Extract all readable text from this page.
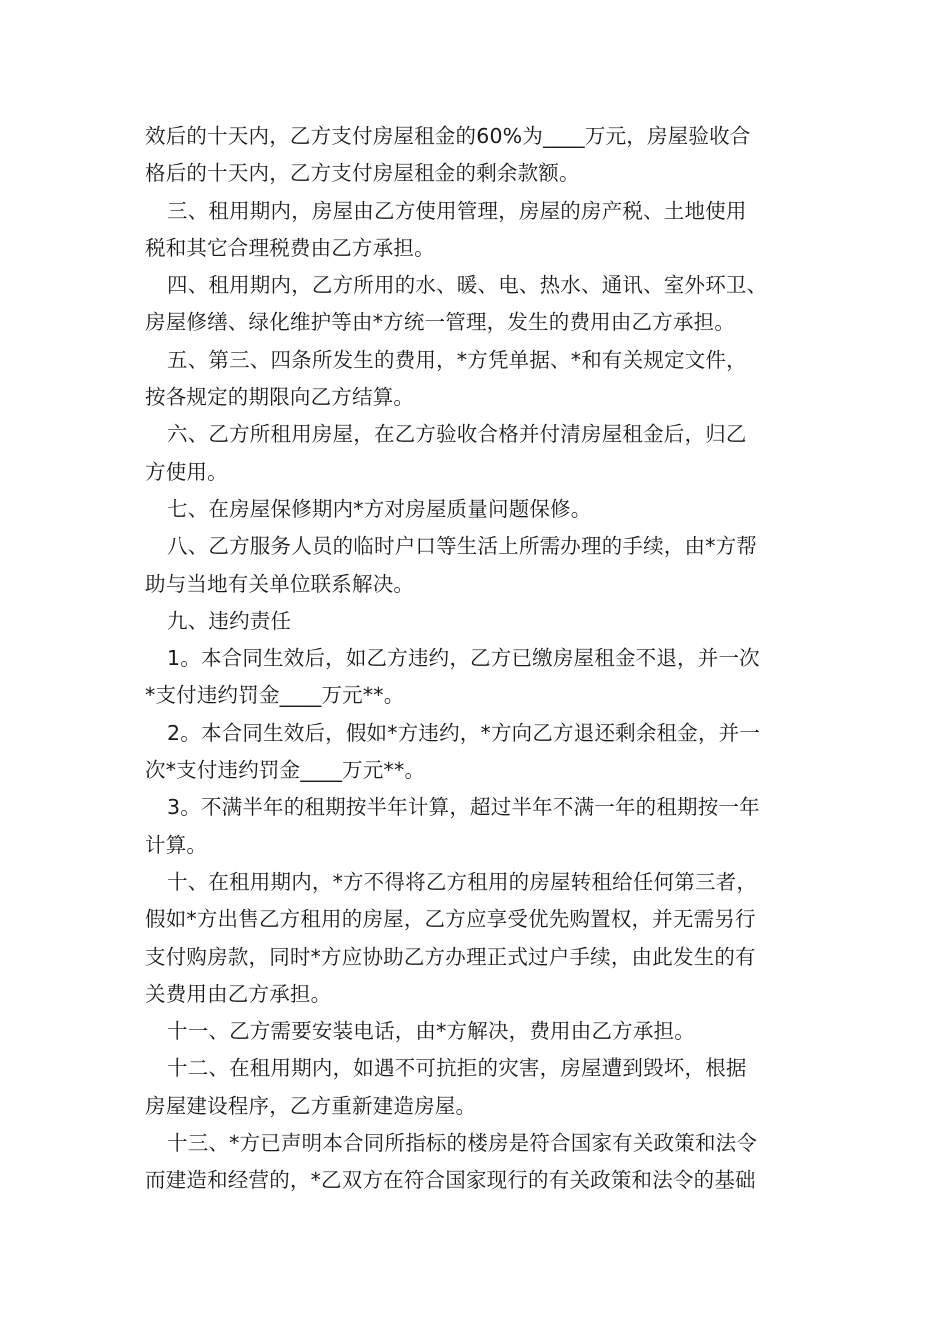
效后的十天内，乙方支付房屋租金的60%为____万元，房屋验收合
格后的十天内，乙方支付房屋租金的剩余款额。
三、租用期内，房屋由乙方使用管理，房屋的房产税、土地使用
税和其它合理税费由乙方承担。
四、租用期内，乙方所用的水、暖、电、热水、通讯、室外环卫、
房屋修缮、绿化维护等由*方统一管理，发生的费用由乙方承担。
五、第三、四条所发生的费用，*方凭单据、*和有关规定文件，
按各规定的期限向乙方结算。
六、乙方所租用房屋，在乙方验收合格并付清房屋租金后，归乙
方使用。
七、在房屋保修期内*方对房屋质量问题保修。
八、乙方服务人员的临时户口等生活上所需办理的手续，由*方帮
助与当地有关单位联系解决。
九、违约责任
1。本合同生效后，如乙方违约，乙方已缴房屋租金不退，并一次
*支付违约罚金____万元**。
2。本合同生效后，假如*方违约，*方向乙方退还剩余租金，并一
次*支付违约罚金____万元**。
3。不满半年的租期按半年计算，超过半年不满一年的租期按一年
计算。
十、在租用期内，*方不得将乙方租用的房屋转租给任何第三者，
假如*方出售乙方租用的房屋，乙方应享受优先购置权，并无需另行
支付购房款，同时*方应协助乙方办理正式过户手续，由此发生的有
关费用由乙方承担。
十一、乙方需要安装电话，由*方解决，费用由乙方承担。
十二、在租用期内，如遇不可抗拒的灾害，房屋遭到毁坏，根据
房屋建设程序，乙方重新建造房屋。
十三、*方已声明本合同所指标的楼房是符合国家有关政策和法令
而建造和经营的，*乙双方在符合国家现行的有关政策和法令的基础
